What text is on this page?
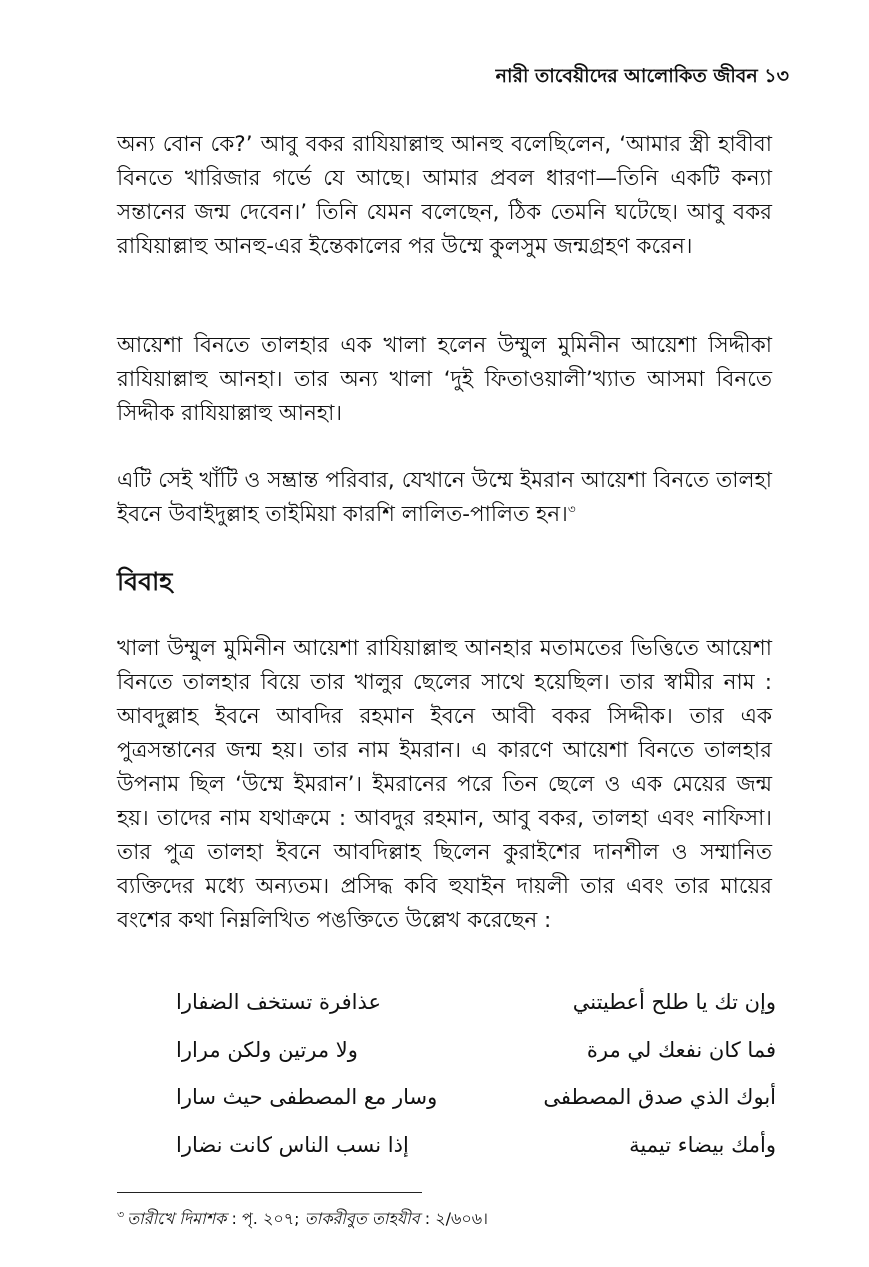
নারী তাবেয়ীদের আলোকিত জীবন ১৩

অন্য বোন কে?’ আবু বকর রাযিয়াল্লাহু আনহু বলেছিলেন, ‘আমার স্ত্রী হাবীবা বিনতে খারিজার গর্ভে যে আছে। আমার প্রবল ধারণা—তিনি একটি কন্যা সন্তানের জন্ম দেবেন।’ তিনি যেমন বলেছেন, ঠিক তেমনি ঘটেছে। আবু বকর রাযিয়াল্লাহু আনহু-এর ইন্তেকালের পর উম্মে কুলসুম জন্মগ্রহণ করেন।

আয়েশা বিনতে তালহার এক খালা হলেন উম্মুল মুমিনীন আয়েশা সিদ্দীকা রাযিয়াল্লাহু আনহা। তার অন্য খালা ‘দুই ফিতাওয়ালী’খ্যাত আসমা বিনতে সিদ্দীক রাযিয়াল্লাহু আনহা।

এটি সেই খাঁটি ও সম্ভ্রান্ত পরিবার, যেখানে উম্মে ইমরান আয়েশা বিনতে তালহা ইবনে উবাইদুল্লাহ তাইমিয়া কারশি লালিত-পালিত হন।$^৩$

বিবাহ

খালা উম্মুল মুমিনীন আয়েশা রাযিয়াল্লাহু আনহার মতামতের ভিত্তিতে আয়েশা বিনতে তালহার বিয়ে তার খালুর ছেলের সাথে হয়েছিল। তার স্বামীর নাম : আবদুল্লাহ ইবনে আবদির রহমান ইবনে আবী বকর সিদ্দীক। তার এক পুত্রসন্তানের জন্ম হয়। তার নাম ইমরান। এ কারণে আয়েশা বিনতে তালহার উপনাম ছিল ‘উম্মে ইমরান’। ইমরানের পরে তিন ছেলে ও এক মেয়ের জন্ম হয়। তাদের নাম যথাক্রমে : আবদুর রহমান, আবু বকর, তালহা এবং নাফিসা। তার পুত্র তালহা ইবনে আবদিল্লাহ ছিলেন কুরাইশের দানশীল ও সম্মানিত ব্যক্তিদের মধ্যে অন্যতম। প্রসিদ্ধ কবি হুযাইন দায়লী তার এবং তার মায়ের বংশের কথা নিম্নলিখিত পঙক্তিতে উল্লেখ করেছেন :

وإن تك يا طلح أعطيتني
عذافرة تستخف الضفارا
فما كان نفعك لي مرة
ولا مرتين ولكن مرارا
أبوك الذي صدق المصطفى
وسار مع المصطفى حيث سارا
وأمك بيضاء تيمية
إذا نسب الناس كانت نضارا
$^৩$ তারীখে দিমাশক : পৃ. ২০৭; তাকরীবুত তাহযীব : ২/৬০৬।
